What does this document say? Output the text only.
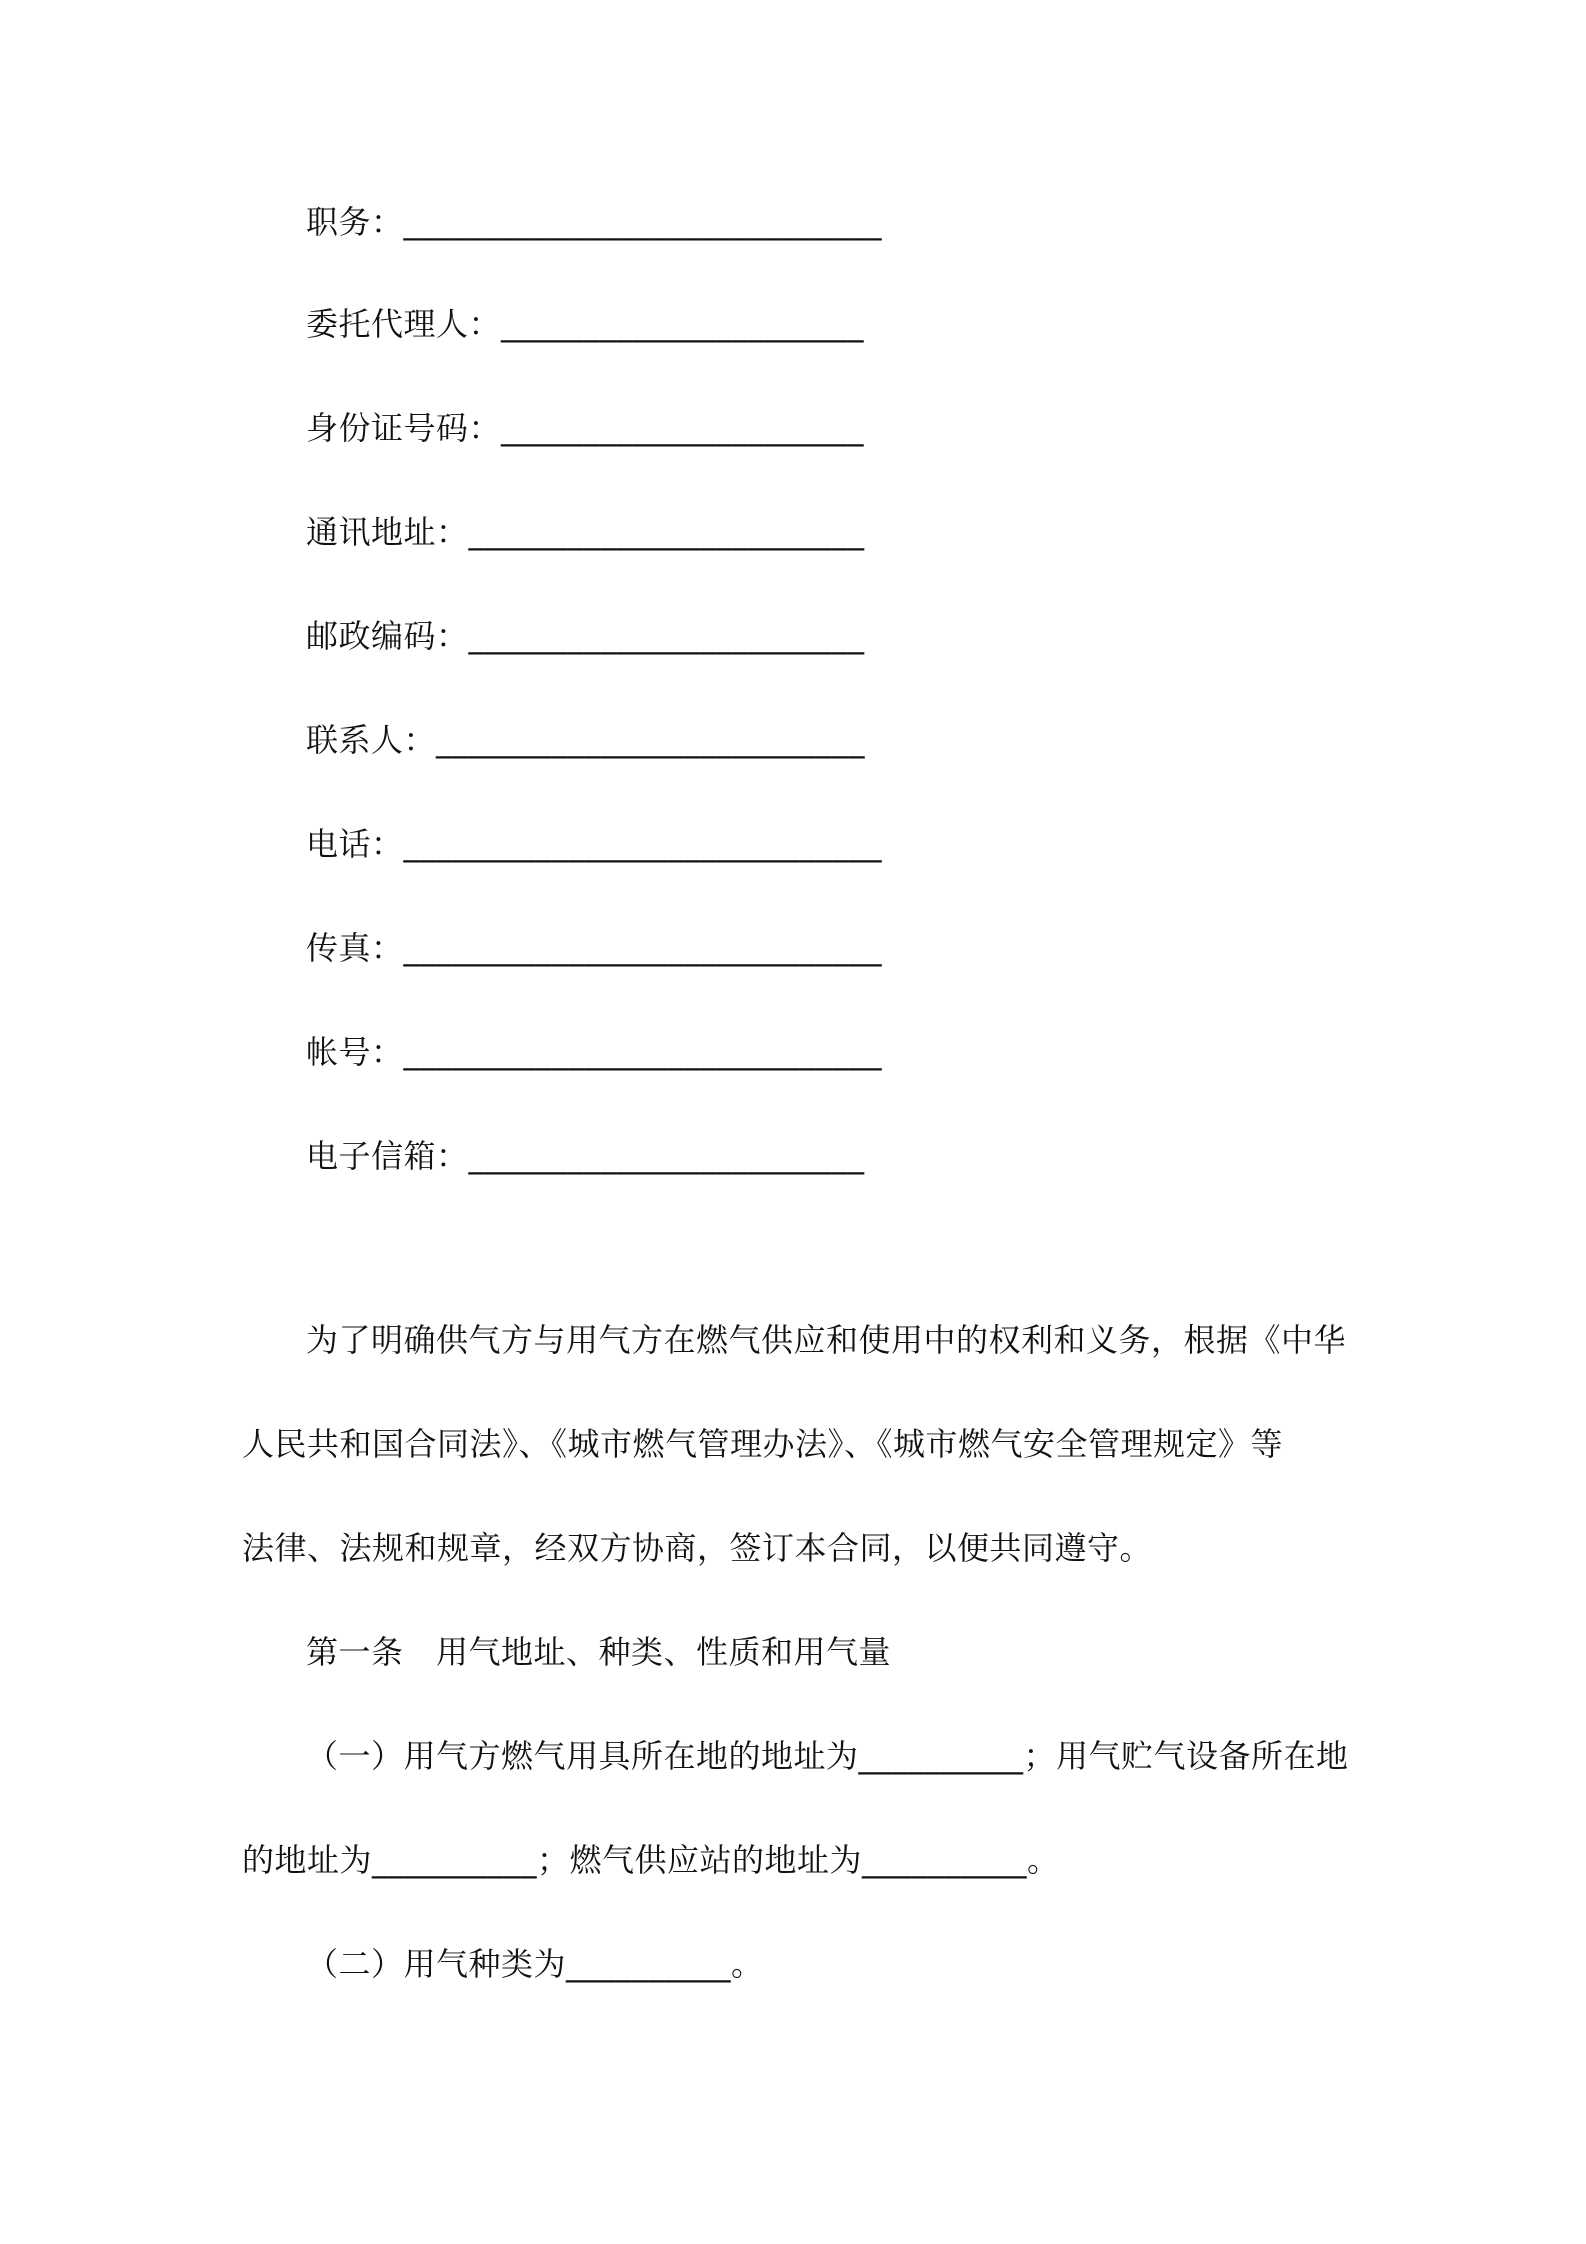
职务：_____________________________
委托代理人：______________________
身份证号码：______________________
通讯地址：________________________
邮政编码：________________________
联系人：__________________________
电话：_____________________________
传真：_____________________________
帐号：_____________________________
电子信箱：________________________
为了明确供气方与用气方在燃气供应和使用中的权利和义务，根据《中华
人民共和国合同法》、《城市燃气管理办法》、《城市燃气安全管理规定》等
法律、法规和规章，经双方协商，签订本合同，以便共同遵守。
第一条　用气地址、种类、性质和用气量
（一）用气方燃气用具所在地的地址为__________；用气贮气设备所在地
的地址为__________；燃气供应站的地址为__________。
（二）用气种类为__________。
